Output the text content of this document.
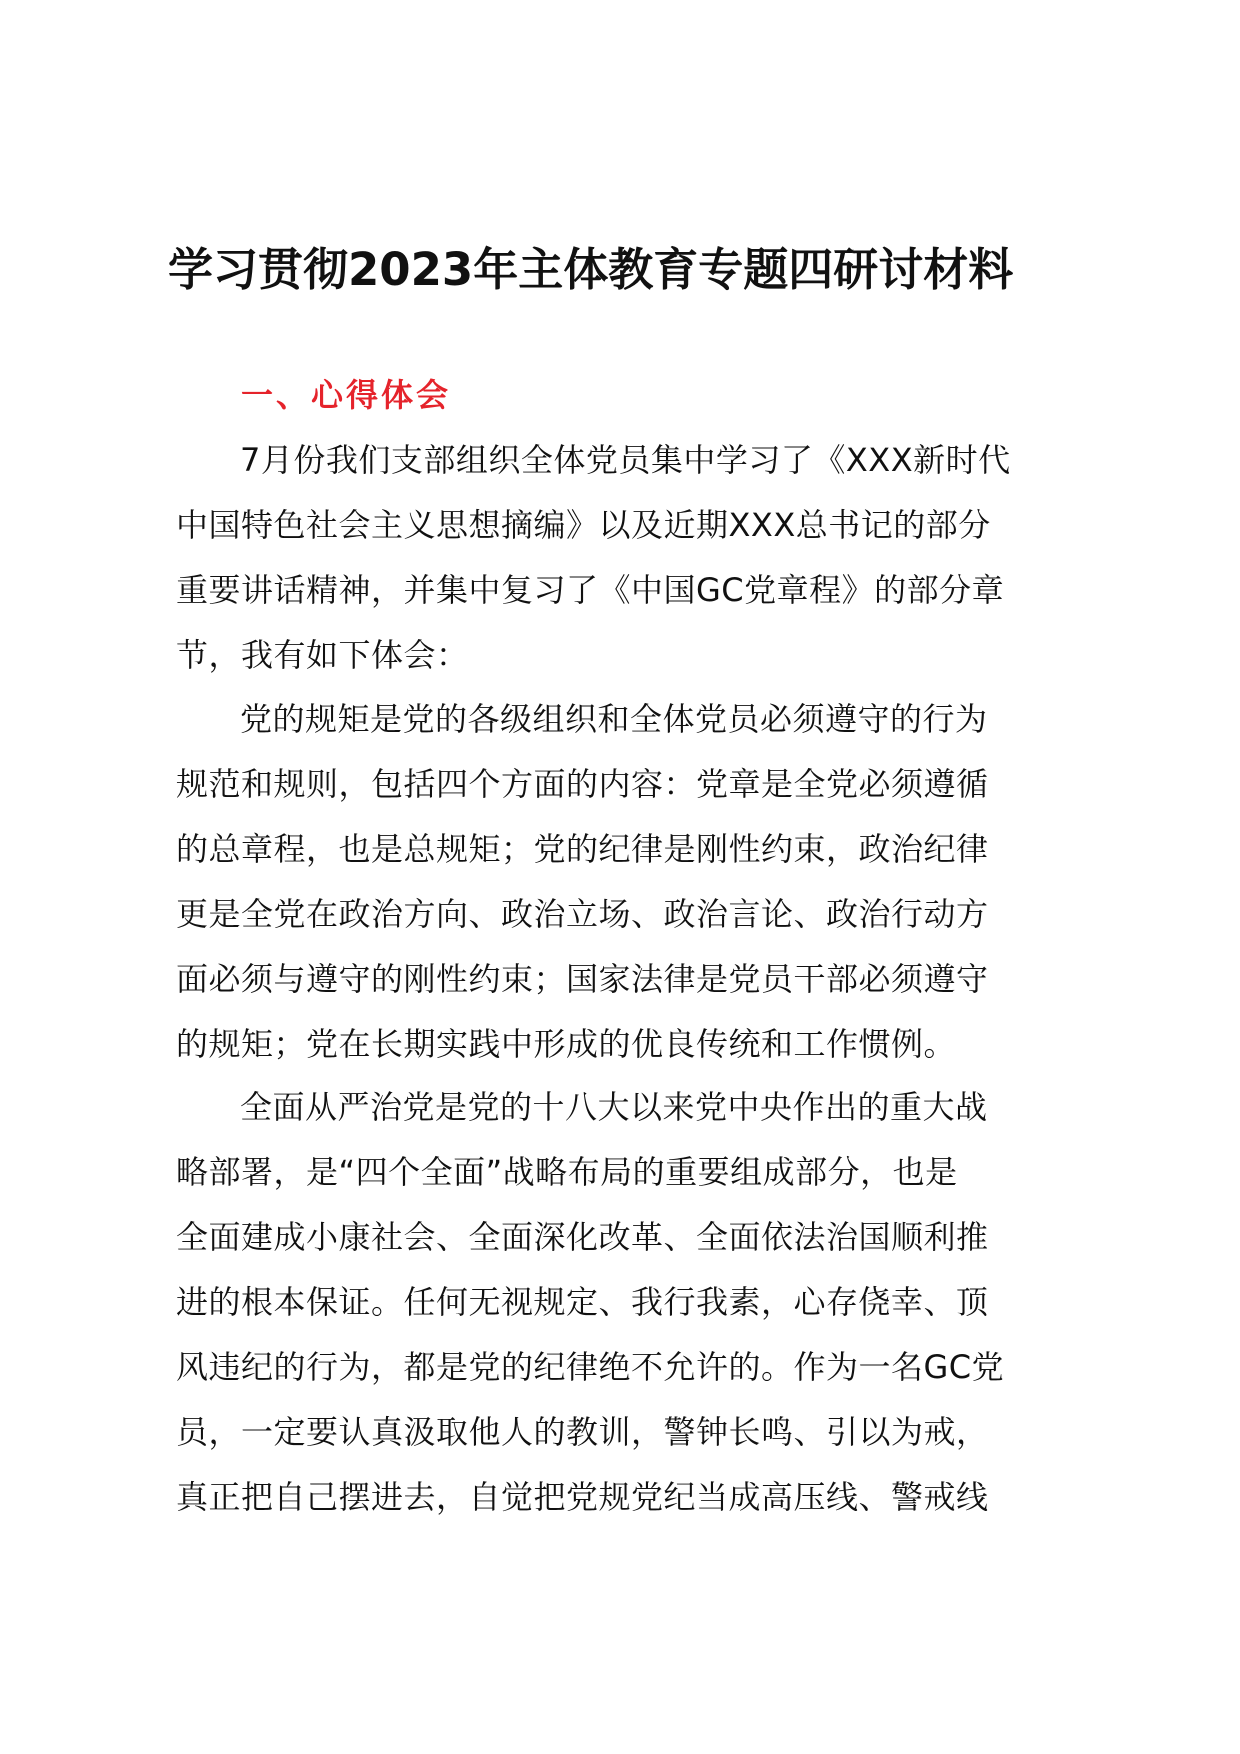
学习贯彻2023年主体教育专题四研讨材料
一、心得体会
7月份我们支部组织全体党员集中学习了《XXX新时代
中国特色社会主义思想摘编》以及近期XXX总书记的部分
重要讲话精神，并集中复习了《中国GC党章程》的部分章
节，我有如下体会：
党的规矩是党的各级组织和全体党员必须遵守的行为
规范和规则，包括四个方面的内容：党章是全党必须遵循
的总章程，也是总规矩；党的纪律是刚性约束，政治纪律
更是全党在政治方向、政治立场、政治言论、政治行动方
面必须与遵守的刚性约束；国家法律是党员干部必须遵守
的规矩；党在长期实践中形成的优良传统和工作惯例。
全面从严治党是党的十八大以来党中央作出的重大战
略部署，是“四个全面”战略布局的重要组成部分，也是
全面建成小康社会、全面深化改革、全面依法治国顺利推
进的根本保证。任何无视规定、我行我素，心存侥幸、顶
风违纪的行为，都是党的纪律绝不允许的。作为一名GC党
员，一定要认真汲取他人的教训，警钟长鸣、引以为戒，
真正把自己摆进去，自觉把党规党纪当成高压线、警戒线
